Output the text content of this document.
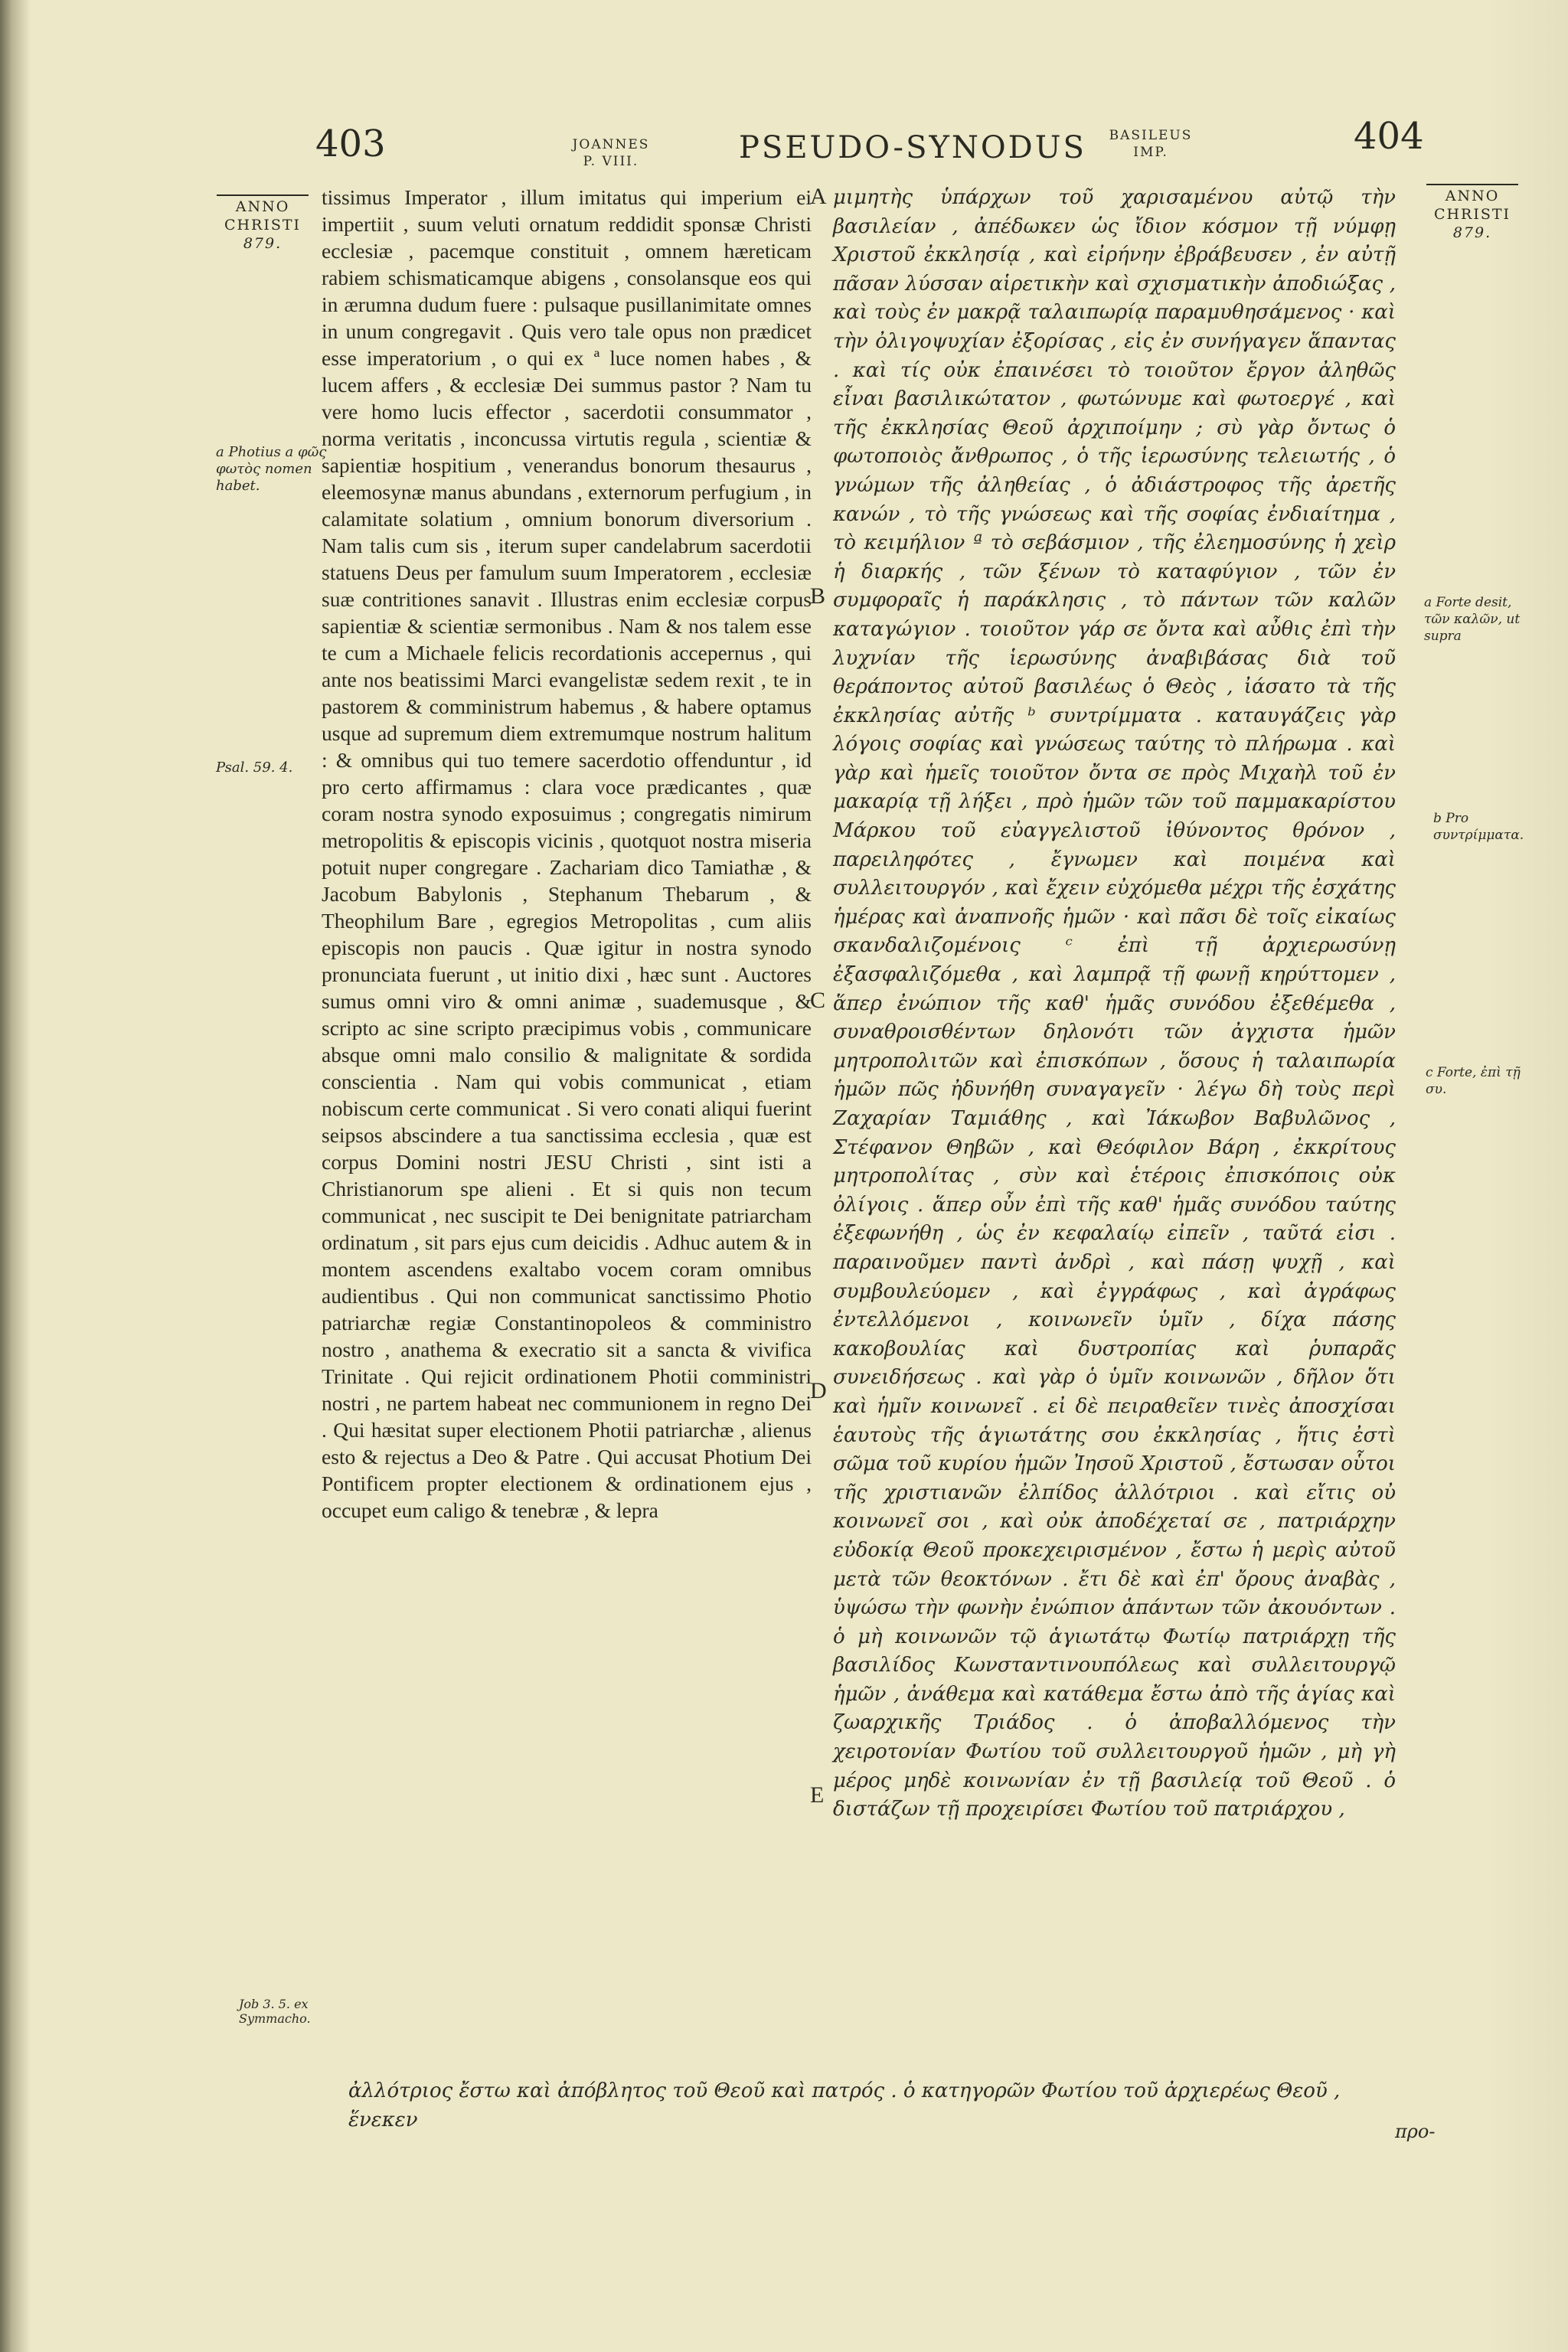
403	JOANNES
P. VIII.	PSEUDO-SYNODUS	BASILEUS
IMP.	404
ANNO
CHRISTI
879.
a Photius a φῶς φωτὸς nomen habet.
Psal. 59. 4.
Job 3. 5. ex Symmacho.
ANNO
CHRISTI
879.
a Forte desit, τῶν καλῶν, ut supra
b Pro συντρίμματα.
c Forte, ἐπὶ τῇ συ.
A
B
C
D
E

tissimus Imperator , illum imitatus qui imperium ei impertiit , suum veluti ornatum reddidit sponsæ Christi ecclesiæ , pacemque constituit , omnem hæreticam rabiem schismaticamque abigens , consolansque eos qui in ærumna dudum fuere : pulsaque pusillanimitate omnes in unum congregavit . Quis vero tale opus non prædicet esse imperatorium , o qui ex ª luce nomen habes , & lucem affers , & ecclesiæ Dei summus pastor ? Nam tu vere homo lucis effector , sacerdotii consummator , norma veritatis , inconcussa virtutis regula , scientiæ & sapientiæ hospitium , venerandus bonorum thesaurus , eleemosynæ manus abundans , externorum perfugium , in calamitate solatium , omnium bonorum diversorium . Nam talis cum sis , iterum super candelabrum sacerdotii statuens Deus per famulum suum Imperatorem , ecclesiæ suæ contritiones sanavit . Illustras enim ecclesiæ corpus sapientiæ & scientiæ sermonibus . Nam & nos talem esse te cum a Michaele felicis recordationis accepernus , qui ante nos beatissimi Marci evangelistæ sedem rexit , te in pastorem & comministrum habemus , & habere optamus usque ad supremum diem extremumque nostrum halitum : & omnibus qui tuo temere sacerdotio offenduntur , id pro certo affirmamus : clara voce prædicantes , quæ coram nostra synodo exposuimus ; congregatis nimirum metropolitis & episcopis vicinis , quotquot nostra miseria potuit nuper congregare . Zachariam dico Tamiathæ , & Jacobum Babylonis , Stephanum Thebarum , & Theophilum Bare , egregios Metropolitas , cum aliis episcopis non paucis . Quæ igitur in nostra synodo pronunciata fuerunt , ut initio dixi , hæc sunt . Auctores sumus omni viro & omni animæ , suademusque , & scripto ac sine scripto præcipimus vobis , communicare absque omni malo consilio & malignitate & sordida conscientia . Nam qui vobis communicat , etiam nobiscum certe communicat . Si vero conati aliqui fuerint seipsos abscindere a tua sanctissima ecclesia , quæ est corpus Domini nostri JESU Christi , sint isti a Christianorum spe alieni . Et si quis non tecum communicat , nec suscipit te Dei benignitate patriarcham ordinatum , sit pars ejus cum deicidis . Adhuc autem & in montem ascendens exaltabo vocem coram omnibus audientibus . Qui non communicat sanctissimo Photio patriarchæ regiæ Constantinopoleos & comministro nostro , anathema & execratio sit a sancta & vivifica Trinitate . Qui rejicit ordinationem Photii comministri nostri , ne partem habeat nec communionem in regno Dei . Qui hæsitat super electionem Photii patriarchæ , alienus esto & rejectus a Deo & Patre . Qui accusat Photium Dei Pontificem propter electionem & ordinationem ejus , occupet eum caligo & tenebræ , & lepra

μιμητὴς ὑπάρχων τοῦ χαρισαμένου αὐτῷ τὴν βασιλείαν , ἀπέδωκεν ὡς ἴδιον κόσμον τῇ νύμφῃ Χριστοῦ ἐκκλησίᾳ , καὶ εἰρήνην ἐβράβευσεν , ἐν αὐτῇ πᾶσαν λύσσαν αἱρετικὴν καὶ σχισματικὴν ἀποδιώξας , καὶ τοὺς ἐν μακρᾷ ταλαιπωρίᾳ παραμυθησάμενος · καὶ τὴν ὀλιγοψυχίαν ἐξορίσας , εἰς ἐν συνήγαγεν ἅπαντας . καὶ τίς οὐκ ἐπαινέσει τὸ τοιοῦτον ἔργον ἀληθῶς εἶναι βασιλικώτατον , φωτώνυμε καὶ φωτοεργέ , καὶ τῆς ἐκκλησίας Θεοῦ ἀρχιποίμην ; σὺ γὰρ ὄντως ὁ φωτοποιὸς ἄνθρωπος , ὁ τῆς ἱερωσύνης τελειωτής , ὁ γνώμων τῆς ἀληθείας , ὁ ἀδιάστροφος τῆς ἀρετῆς κανών , τὸ τῆς γνώσεως καὶ τῆς σοφίας ἐνδιαίτημα , τὸ κειμήλιον ª τὸ σεβάσμιον , τῆς ἐλεημοσύνης ἡ χεὶρ ἡ διαρκής , τῶν ξένων τὸ καταφύγιον , τῶν ἐν συμφοραῖς ἡ παράκλησις , τὸ πάντων τῶν καλῶν καταγώγιον . τοιοῦτον γάρ σε ὄντα καὶ αὖθις ἐπὶ τὴν λυχνίαν τῆς ἱερωσύνης ἀναβιβάσας διὰ τοῦ θεράποντος αὐτοῦ βασιλέως ὁ Θεὸς , ἰάσατο τὰ τῆς ἐκκλησίας αὐτῆς ᵇ συντρίμματα . καταυγάζεις γὰρ λόγοις σοφίας καὶ γνώσεως ταύτης τὸ πλήρωμα . καὶ γὰρ καὶ ἡμεῖς τοιοῦτον ὄντα σε πρὸς Μιχαὴλ τοῦ ἐν μακαρίᾳ τῇ λήξει , πρὸ ἡμῶν τῶν τοῦ παμμακαρίστου Μάρκου τοῦ εὐαγγελιστοῦ ἰθύνοντος θρόνον , παρειληφότες , ἔγνωμεν καὶ ποιμένα καὶ συλλειτουργόν , καὶ ἔχειν εὐχόμεθα μέχρι τῆς ἐσχάτης ἡμέρας καὶ ἀναπνοῆς ἡμῶν · καὶ πᾶσι δὲ τοῖς εἰκαίως σκανδαλιζομένοις ᶜ ἐπὶ τῇ ἀρχιερωσύνῃ ἐξασφαλιζόμεθα , καὶ λαμπρᾷ τῇ φωνῇ κηρύττομεν , ἅπερ ἐνώπιον τῆς καθ' ἡμᾶς συνόδου ἐξεθέμεθα , συναθροισθέντων δηλονότι τῶν ἀγχιστα ἡμῶν μητροπολιτῶν καὶ ἐπισκόπων , ὅσους ἡ ταλαιπωρία ἡμῶν πῶς ἠδυνήθη συναγαγεῖν · λέγω δὴ τοὺς περὶ Ζαχαρίαν Ταμιάθης , καὶ Ἰάκωβον Βαβυλῶνος , Στέφανον Θηβῶν , καὶ Θεόφιλον Βάρη , ἐκκρίτους μητροπολίτας , σὺν καὶ ἑτέροις ἐπισκόποις οὐκ ὀλίγοις . ἅπερ οὖν ἐπὶ τῆς καθ' ἡμᾶς συνόδου ταύτης ἐξεφωνήθη , ὡς ἐν κεφαλαίῳ εἰπεῖν , ταῦτά εἰσι . παραινοῦμεν παντὶ ἀνδρὶ , καὶ πάσῃ ψυχῇ , καὶ συμβουλεύομεν , καὶ ἐγγράφως , καὶ ἀγράφως ἐντελλόμενοι , κοινωνεῖν ὑμῖν , δίχα πάσης κακοβουλίας καὶ δυστροπίας καὶ ῥυπαρᾶς συνειδήσεως . καὶ γὰρ ὁ ὑμῖν κοινωνῶν , δῆλον ὅτι καὶ ἡμῖν κοινωνεῖ . εἰ δὲ πειραθεῖεν τινὲς ἀποσχίσαι ἑαυτοὺς τῆς ἁγιωτάτης σου ἐκκλησίας , ἥτις ἐστὶ σῶμα τοῦ κυρίου ἡμῶν Ἰησοῦ Χριστοῦ , ἔστωσαν οὗτοι τῆς χριστιανῶν ἐλπίδος ἀλλότριοι . καὶ εἴτις οὐ κοινωνεῖ σοι , καὶ οὐκ ἀποδέχεταί σε , πατριάρχην εὐδοκίᾳ Θεοῦ προκεχειρισμένον , ἔστω ἡ μερὶς αὐτοῦ μετὰ τῶν θεοκτόνων . ἔτι δὲ καὶ ἐπ' ὄρους ἀναβὰς , ὑψώσω τὴν φωνὴν ἐνώπιον ἁπάντων τῶν ἀκουόντων . ὁ μὴ κοινωνῶν τῷ ἁγιωτάτῳ Φωτίῳ πατριάρχῃ τῆς βασιλίδος Κωνσταντινουπόλεως καὶ συλλειτουργῷ ἡμῶν , ἀνάθεμα καὶ κατάθεμα ἔστω ἀπὸ τῆς ἁγίας καὶ ζωαρχικῆς Τριάδος . ὁ ἀποβαλλόμενος τὴν χειροτονίαν Φωτίου τοῦ συλλειτουργοῦ ἡμῶν , μὴ γὴ μέρος μηδὲ κοινωνίαν ἐν τῇ βασιλείᾳ τοῦ Θεοῦ . ὁ διστάζων τῇ προχειρίσει Φωτίου τοῦ πατριάρχου ,

ἀλλότριος ἔστω καὶ ἀπόβλητος τοῦ Θεοῦ καὶ πατρός . ὁ κατηγορῶν Φωτίου τοῦ ἀρχιερέως Θεοῦ , ἕνεκεν	προ-
